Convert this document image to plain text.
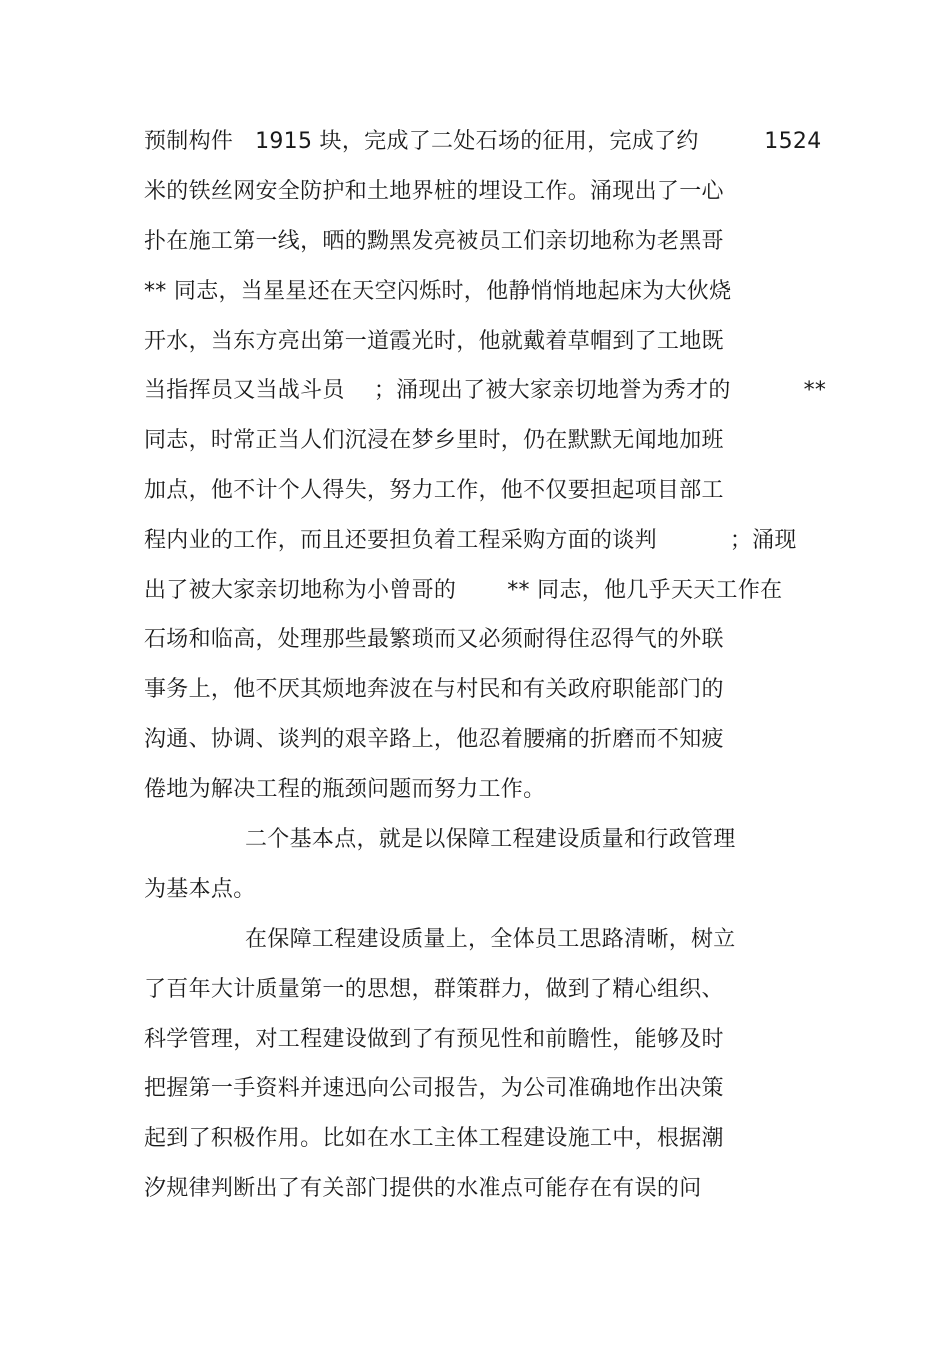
预制构件   1915 块，完成了二处石场的征用，完成了约         1524
米的铁丝网安全防护和土地界桩的埋设工作。涌现出了一心
扑在施工第一线，晒的黝黑发亮被员工们亲切地称为老黑哥
** 同志，当星星还在天空闪烁时，他静悄悄地起床为大伙烧
开水，当东方亮出第一道霞光时，他就戴着草帽到了工地既
当指挥员又当战斗员    ；涌现出了被大家亲切地誉为秀才的          **
同志，时常正当人们沉浸在梦乡里时，仍在默默无闻地加班
加点，他不计个人得失，努力工作，他不仅要担起项目部工
程内业的工作，而且还要担负着工程采购方面的谈判          ；涌现
出了被大家亲切地称为小曾哥的       ** 同志，他几乎天天工作在
石场和临高，处理那些最繁琐而又必须耐得住忍得气的外联
事务上，他不厌其烦地奔波在与村民和有关政府职能部门的
沟通、协调、谈判的艰辛路上，他忍着腰痛的折磨而不知疲
倦地为解决工程的瓶颈问题而努力工作。
二个基本点，就是以保障工程建设质量和行政管理
为基本点。
在保障工程建设质量上，全体员工思路清晰，树立
了百年大计质量第一的思想，群策群力，做到了精心组织、
科学管理，对工程建设做到了有预见性和前瞻性，能够及时
把握第一手资料并速迅向公司报告，为公司准确地作出决策
起到了积极作用。比如在水工主体工程建设施工中，根据潮
汐规律判断出了有关部门提供的水准点可能存在有误的问
